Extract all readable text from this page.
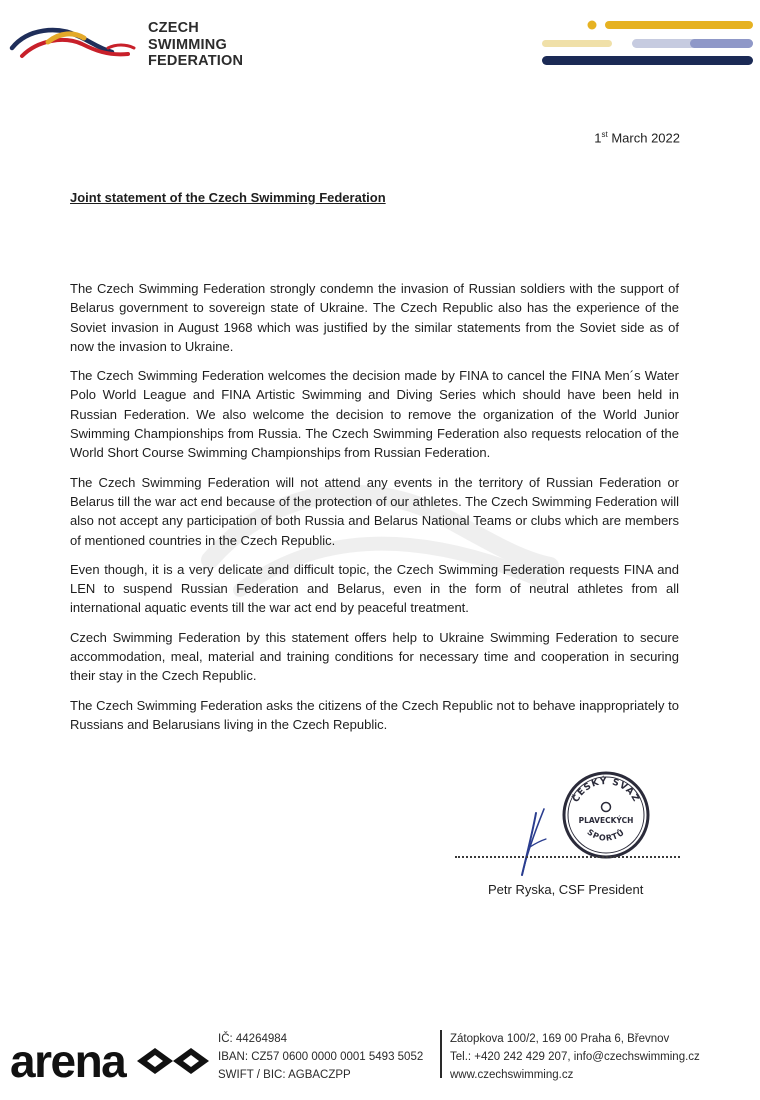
CZECH
SWIMMING
FEDERATION
1st March 2022
Joint statement of the Czech Swimming Federation

The Czech Swimming Federation strongly condemn the invasion of Russian soldiers with the support of Belarus government to sovereign state of Ukraine. The Czech Republic also has the experience of the Soviet invasion in August 1968 which was justified by the similar statements from the Soviet side as of now the invasion to Ukraine.

The Czech Swimming Federation welcomes the decision made by FINA to cancel the FINA Men´s Water Polo World League and FINA Artistic Swimming and Diving Series which should have been held in Russian Federation. We also welcome the decision to remove the organization of the World Junior Swimming Championships from Russia. The Czech Swimming Federation also requests relocation of the World Short Course Swimming Championships from Russian Federation.

The Czech Swimming Federation will not attend any events in the territory of Russian Federation or Belarus till the war act end because of the protection of our athletes. The Czech Swimming Federation will also not accept any participation of both Russia and Belarus National Teams or clubs which are members of mentioned countries in the Czech Republic.

Even though, it is a very delicate and difficult topic, the Czech Swimming Federation requests FINA and LEN to suspend Russian Federation and Belarus, even in the form of neutral athletes from all international aquatic events till the war act end by peaceful treatment.

Czech Swimming Federation by this statement offers help to Ukraine Swimming Federation to secure accommodation, meal, material and training conditions for necessary time and cooperation in securing their stay in the Czech Republic.

The Czech Swimming Federation asks the citizens of the Czech Republic not to behave inappropriately to Russians and Belarusians living in the Czech Republic.

ČESKÝ SVAZ
PLAVECKÝCH
SPORTŮ
Petr Ryska, CSF President
arena	IČ: 44264984
IBAN: CZ57 0600 0000 0001 5493 5052
SWIFT / BIC: AGBACZPP
Zátopkova 100/2, 169 00 Praha 6, Břevnov
Tel.: +420 242 429 207, info@czechswimming.cz
www.czechswimming.cz
